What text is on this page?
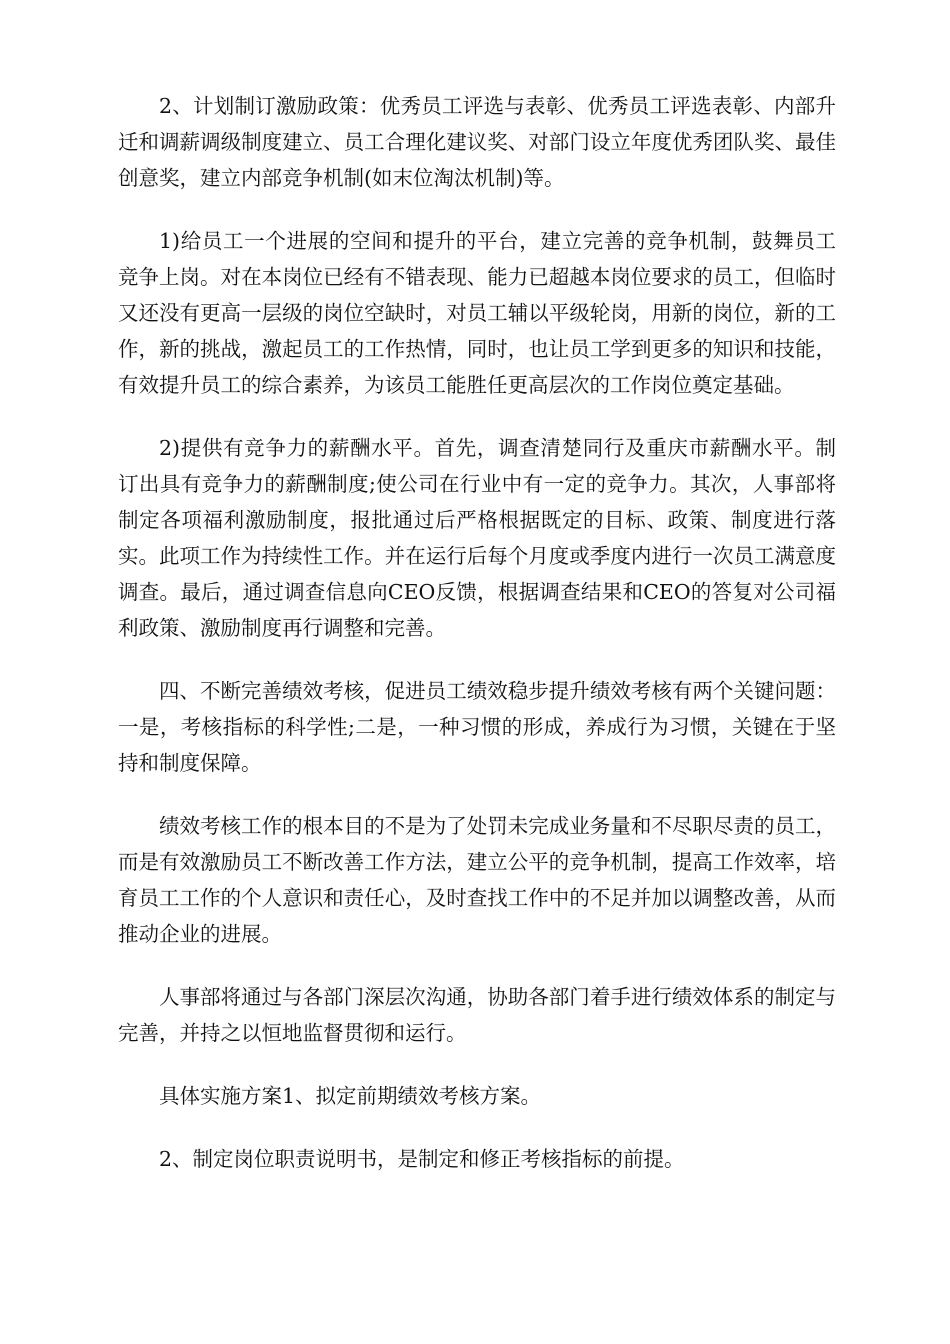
2、计划制订激励政策：优秀员工评选与表彰、优秀员工评选表彰、内部升迁和调薪调级制度建立、员工合理化建议奖、对部门设立年度优秀团队奖、最佳创意奖，建立内部竞争机制(如末位淘汰机制)等。

1)给员工一个进展的空间和提升的平台，建立完善的竞争机制，鼓舞员工竞争上岗。对在本岗位已经有不错表现、能力已超越本岗位要求的员工，但临时又还没有更高一层级的岗位空缺时，对员工辅以平级轮岗，用新的岗位，新的工作，新的挑战，激起员工的工作热情，同时，也让员工学到更多的知识和技能，有效提升员工的综合素养，为该员工能胜任更高层次的工作岗位奠定基础。

2)提供有竞争力的薪酬水平。首先，调查清楚同行及重庆市薪酬水平。制订出具有竞争力的薪酬制度;使公司在行业中有一定的竞争力。其次，人事部将制定各项福利激励制度，报批通过后严格根据既定的目标、政策、制度进行落实。此项工作为持续性工作。并在运行后每个月度或季度内进行一次员工满意度调查。最后，通过调查信息向CEO反馈，根据调查结果和CEO的答复对公司福利政策、激励制度再行调整和完善。

四、不断完善绩效考核，促进员工绩效稳步提升绩效考核有两个关键问题：一是，考核指标的科学性;二是，一种习惯的形成，养成行为习惯，关键在于坚持和制度保障。

绩效考核工作的根本目的不是为了处罚未完成业务量和不尽职尽责的员工，而是有效激励员工不断改善工作方法，建立公平的竞争机制，提高工作效率，培育员工工作的个人意识和责任心，及时查找工作中的不足并加以调整改善，从而推动企业的进展。

人事部将通过与各部门深层次沟通，协助各部门着手进行绩效体系的制定与完善，并持之以恒地监督贯彻和运行。

具体实施方案1、拟定前期绩效考核方案。

2、制定岗位职责说明书，是制定和修正考核指标的前提。
